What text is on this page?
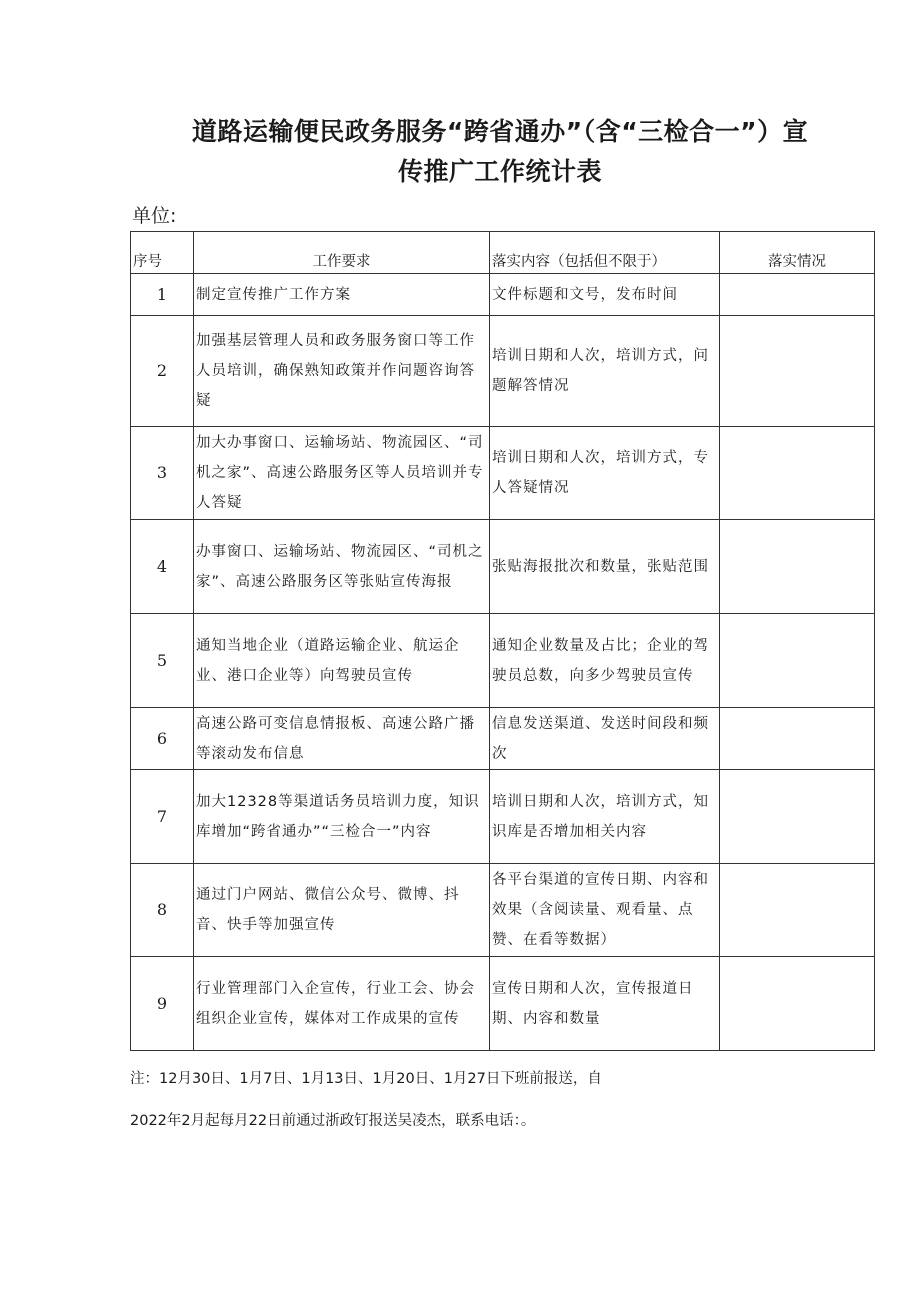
道路运输便民政务服务“跨省通办”（含“三检合一”）宣
传推广工作统计表
单位:
序号	工作要求	落实内容（包括但不限于）	落实情况
1	制定宣传推广工作方案	文件标题和文号，发布时间	
2	加强基层管理人员和政务服务窗口等工作人员培训，确保熟知政策并作问题咨询答疑	培训日期和人次，培训方式，问题解答情况	
3	加大办事窗口、运输场站、物流园区、“司机之家”、高速公路服务区等人员培训并专人答疑	培训日期和人次，培训方式，专人答疑情况	
4	办事窗口、运输场站、物流园区、“司机之家”、高速公路服务区等张贴宣传海报	张贴海报批次和数量，张贴范围	
5	通知当地企业（道路运输企业、航运企业、港口企业等）向驾驶员宣传	通知企业数量及占比；企业的驾驶员总数，向多少驾驶员宣传	
6	高速公路可变信息情报板、高速公路广播等滚动发布信息	信息发送渠道、发送时间段和频次	
7	加大12328等渠道话务员培训力度，知识库增加“跨省通办”“三检合一”内容	培训日期和人次，培训方式，知识库是否增加相关内容	
8	通过门户网站、微信公众号、微博、抖音、快手等加强宣传	各平台渠道的宣传日期、内容和效果（含阅读量、观看量、点赞、在看等数据）	
9	行业管理部门入企宣传，行业工会、协会组织企业宣传，媒体对工作成果的宣传	宣传日期和人次，宣传报道日期、内容和数量	
注：12月30日、1月7日、1月13日、1月20日、1月27日下班前报送，自
2022年2月起每月22日前通过浙政钉报送吴凌杰，联系电话：。
